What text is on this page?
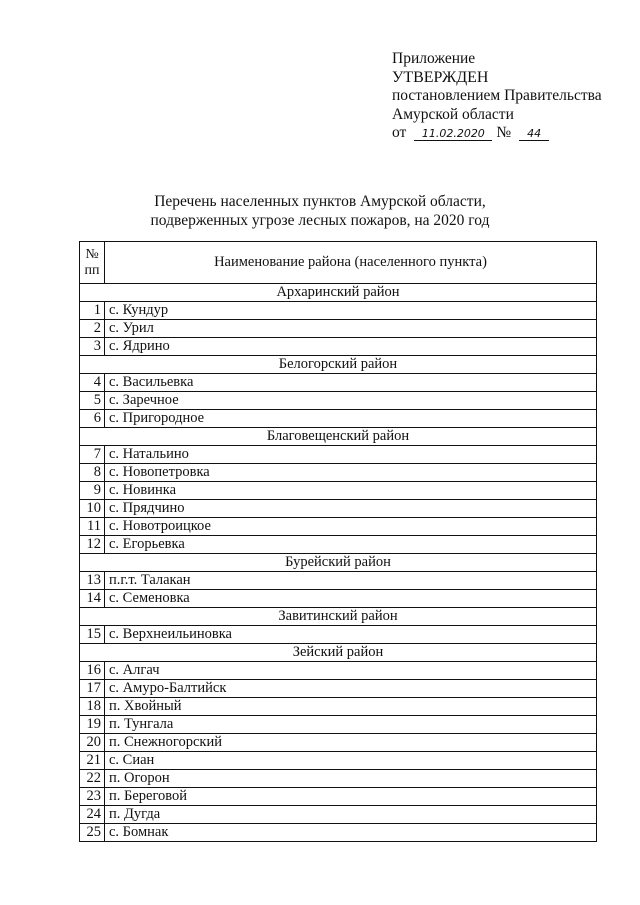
Приложение
УТВЕРЖДЕН
постановлением Правительства
Амурской области
от	11.02.2020 №	44
Перечень населенных пунктов Амурской области,
подверженных угрозе лесных пожаров, на 2020 год
№
пп	Наименование района (населенного пункта)
Архаринский район	
1	с. Кундур
2	с. Урил
3	с. Ядрино
Белогорский район	
4	с. Васильевка
5	с. Заречное
6	с. Пригородное
Благовещенский район	
7	с. Натальино
8	с. Новопетровка
9	с. Новинка
10	с. Прядчино
11	с. Новотроицкое
12	с. Егорьевка
Бурейский район	
13	п.г.т. Талакан
14	с. Семеновка
Завитинский район	
15	с. Верхнеильиновка
Зейский район	
16	с. Алгач
17	с. Амуро-Балтийск
18	п. Хвойный
19	п. Тунгала
20	п. Снежногорский
21	с. Сиан
22	п. Огорон
23	п. Береговой
24	п. Дугда
25	с. Бомнак
